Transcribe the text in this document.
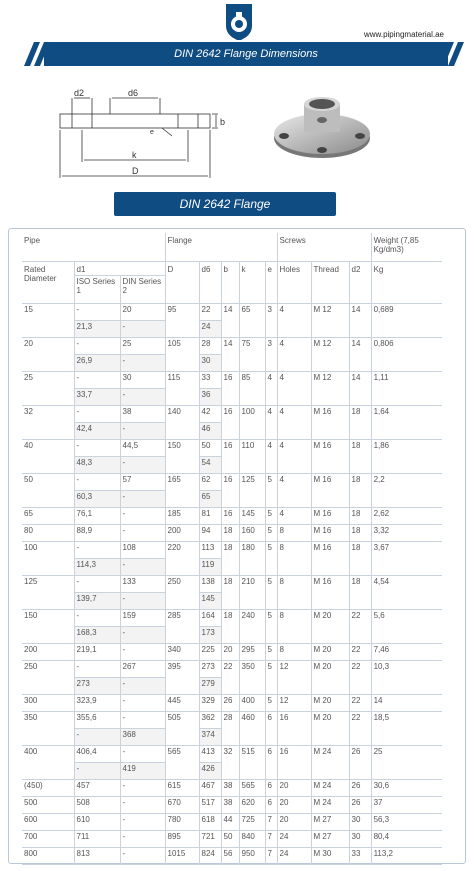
www.pipingmaterial.ae
DIN 2642 Flange Dimensions
d2	d6
b
e
k
D
DIN 2642 Flange
Pipe			Flange					Screws			Weight (7,85 Kg/dm3)
Rated Diameter	d1		D	d6	b	k	e	Holes	Thread	d2	Kg
	ISO Series 1	DIN Series 2									
15	-	20	95	22	14	65	3	4	M 12	14	0,689
	21,3	-		24							
20	-	25	105	28	14	75	3	4	M 12	14	0,806
	26,9	-		30							
25	-	30	115	33	16	85	4	4	M 12	14	1,11
	33,7	-		36							
32	-	38	140	42	16	100	4	4	M 16	18	1,64
	42,4	-		46							
40	-	44,5	150	50	16	110	4	4	M 16	18	1,86
	48,3	-		54							
50	-	57	165	62	16	125	5	4	M 16	18	2,2
	60,3	-		65							
65	76,1	-	185	81	16	145	5	4	M 16	18	2,62
80	88,9	-	200	94	18	160	5	8	M 16	18	3,32
100	-	108	220	113	18	180	5	8	M 16	18	3,67
	114,3	-		119							
125	-	133	250	138	18	210	5	8	M 16	18	4,54
	139,7	-		145							
150	-	159	285	164	18	240	5	8	M 20	22	5,6
	168,3	-		173							
200	219,1	-	340	225	20	295	5	8	M 20	22	7,46
250	-	267	395	273	22	350	5	12	M 20	22	10,3
	273	-		279							
300	323,9	-	445	329	26	400	5	12	M 20	22	14
350	355,6	-	505	362	28	460	6	16	M 20	22	18,5
	-	368		374							
400	406,4	-	565	413	32	515	6	16	M 24	26	25
	-	419		426							
(450)	457	-	615	467	38	565	6	20	M 24	26	30,6
500	508	-	670	517	38	620	6	20	M 24	26	37
600	610	-	780	618	44	725	7	20	M 27	30	56,3
700	711	-	895	721	50	840	7	24	M 27	30	80,4
800	813	-	1015	824	56	950	7	24	M 30	33	113,2
